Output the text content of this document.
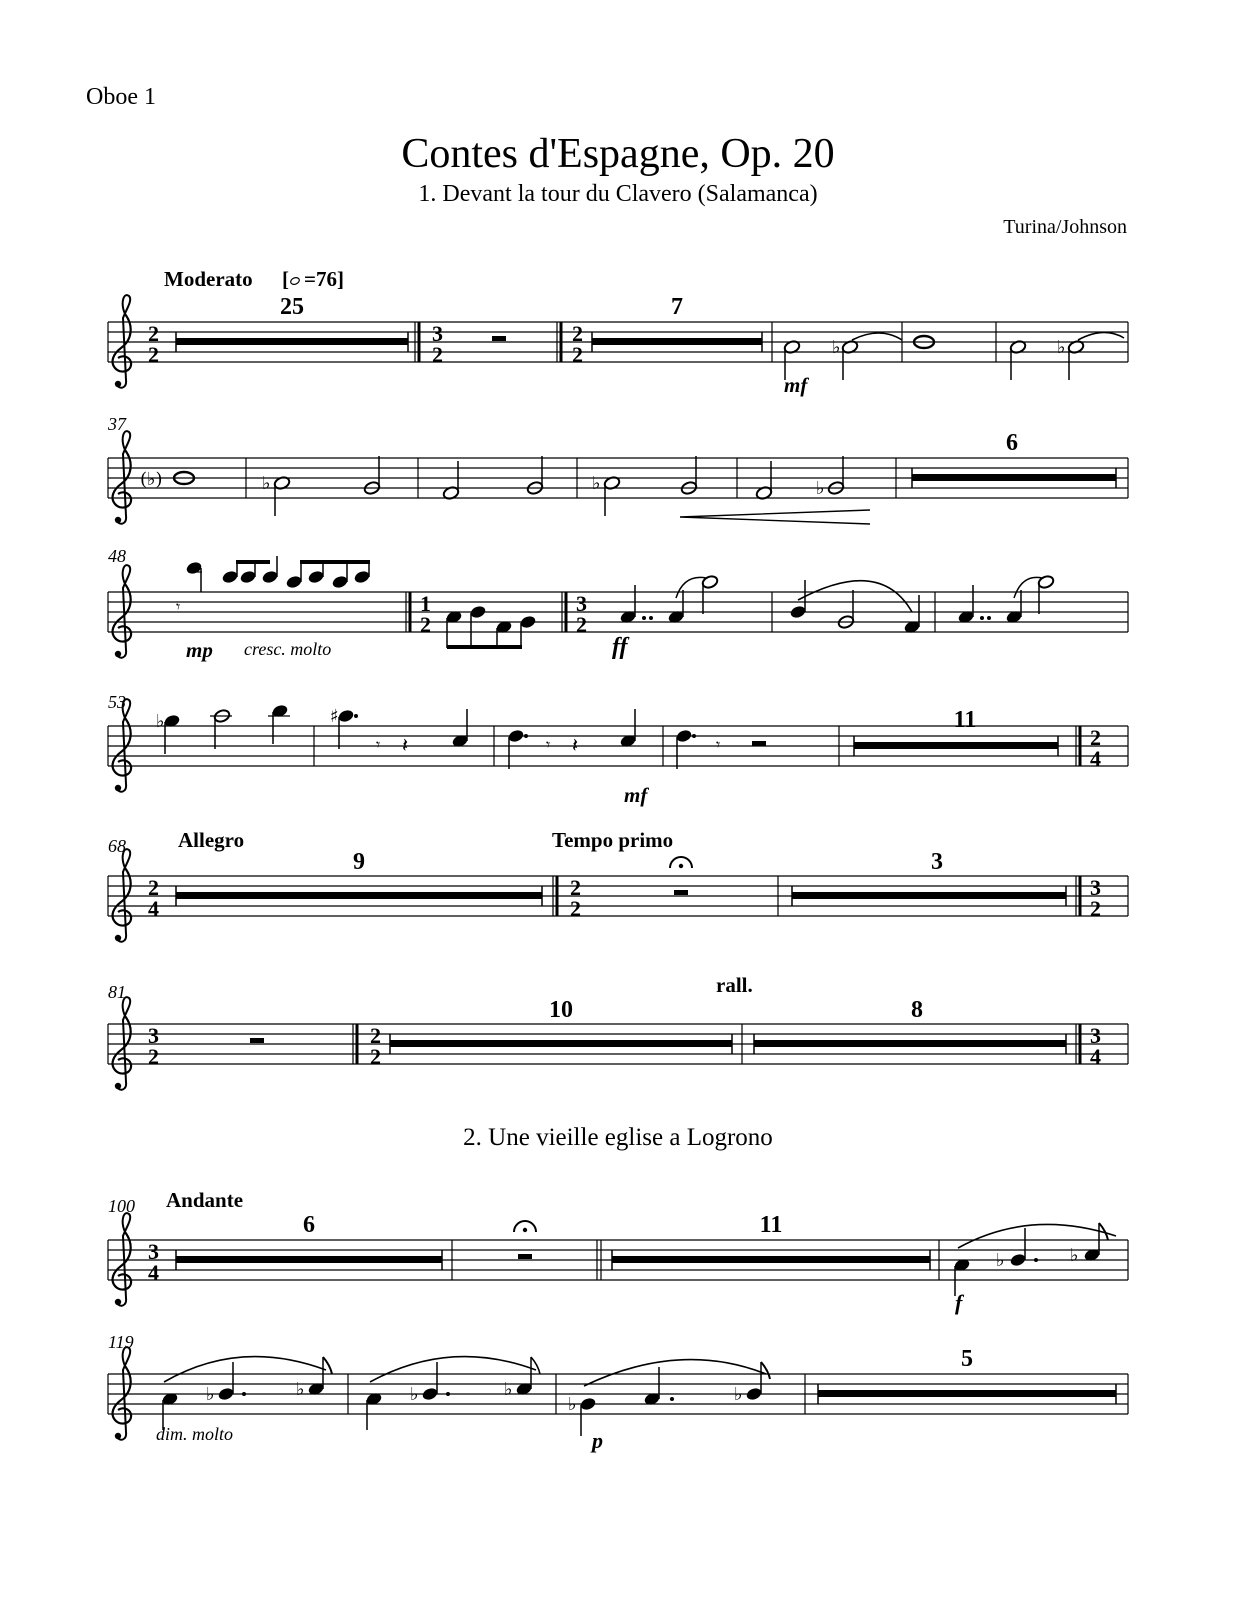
Oboe 1
Contes d'Espagne, Op. 20
1. Devant la tour du Clavero (Salamanca)
Turina/Johnson
2. Une vieille eglise a Logrono
2
2
Moderato [ =76]
25
3
2
2
2
7
♭
mf
♭
37
(♭)	♭	♭	♭
6
48
𝄾
mp cresc. molto
1
2
3
2
ff
53
♭	♯
𝄾 𝄽	𝄾 𝄽
mf
𝄾
11
2
4
68 Allegro	Tempo primo
2
4
9
2
2
3
3
2
81	rall.
3
2
2
2
10	8
3
4
100 Andante
3
4
6	11
♭	♭
f
119
♭	♭
dim. molto
♭	♭
♭	♭
p
5
